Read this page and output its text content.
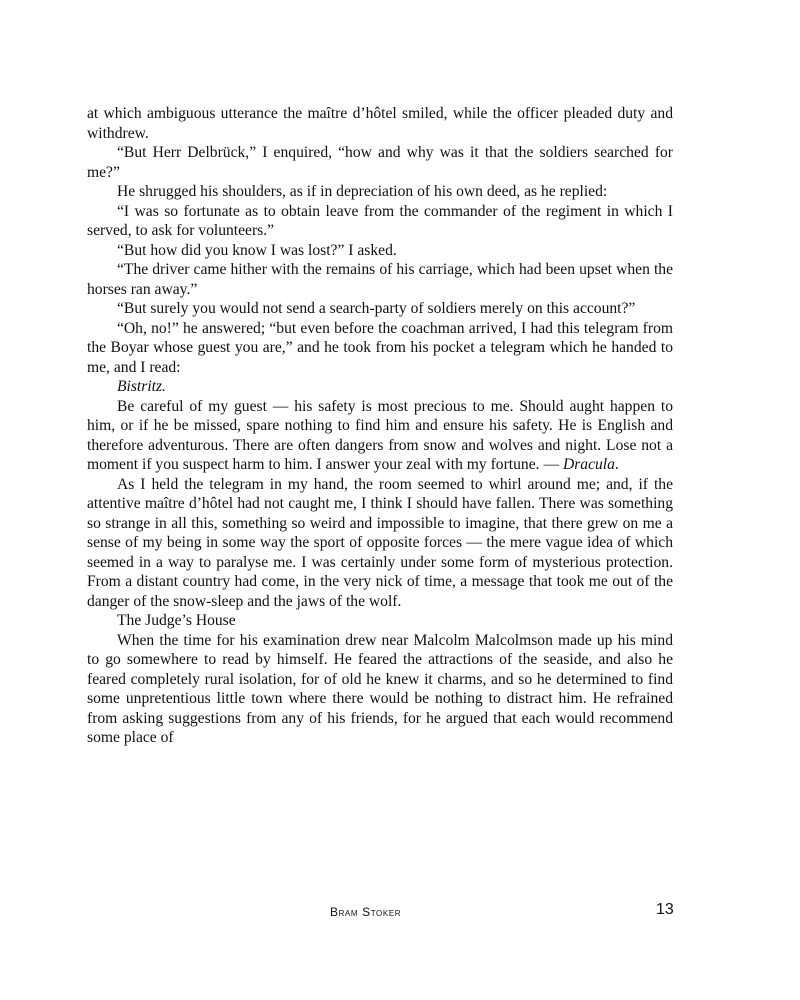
at which ambiguous utterance the maître d’hôtel smiled, while the officer pleaded duty and withdrew.

“But Herr Delbrück,” I enquired, “how and why was it that the soldiers searched for me?”

He shrugged his shoulders, as if in depreciation of his own deed, as he replied:

“I was so fortunate as to obtain leave from the commander of the regiment in which I served, to ask for volunteers.”

“But how did you know I was lost?” I asked.

“The driver came hither with the remains of his carriage, which had been upset when the horses ran away.”

“But surely you would not send a search-party of soldiers merely on this account?”

“Oh, no!” he answered; “but even before the coachman arrived, I had this telegram from the Boyar whose guest you are,” and he took from his pocket a telegram which he handed to me, and I read:

Bistritz.

Be careful of my guest — his safety is most precious to me. Should aught happen to him, or if he be missed, spare nothing to find him and ensure his safety. He is English and therefore adventurous. There are often dangers from snow and wolves and night. Lose not a moment if you suspect harm to him. I answer your zeal with my fortune. — Dracula.

As I held the telegram in my hand, the room seemed to whirl around me; and, if the attentive maître d’hôtel had not caught me, I think I should have fallen. There was something so strange in all this, something so weird and impossible to imagine, that there grew on me a sense of my being in some way the sport of opposite forces — the mere vague idea of which seemed in a way to paralyse me. I was certainly under some form of mysterious protection. From a distant country had come, in the very nick of time, a message that took me out of the danger of the snow-sleep and the jaws of the wolf.

The Judge’s House

When the time for his examination drew near Malcolm Malcolmson made up his mind to go somewhere to read by himself. He feared the attractions of the seaside, and also he feared completely rural isolation, for of old he knew it charms, and so he determined to find some unpretentious little town where there would be nothing to distract him. He refrained from asking suggestions from any of his friends, for he argued that each would recommend some place of

Bram Stoker	13
